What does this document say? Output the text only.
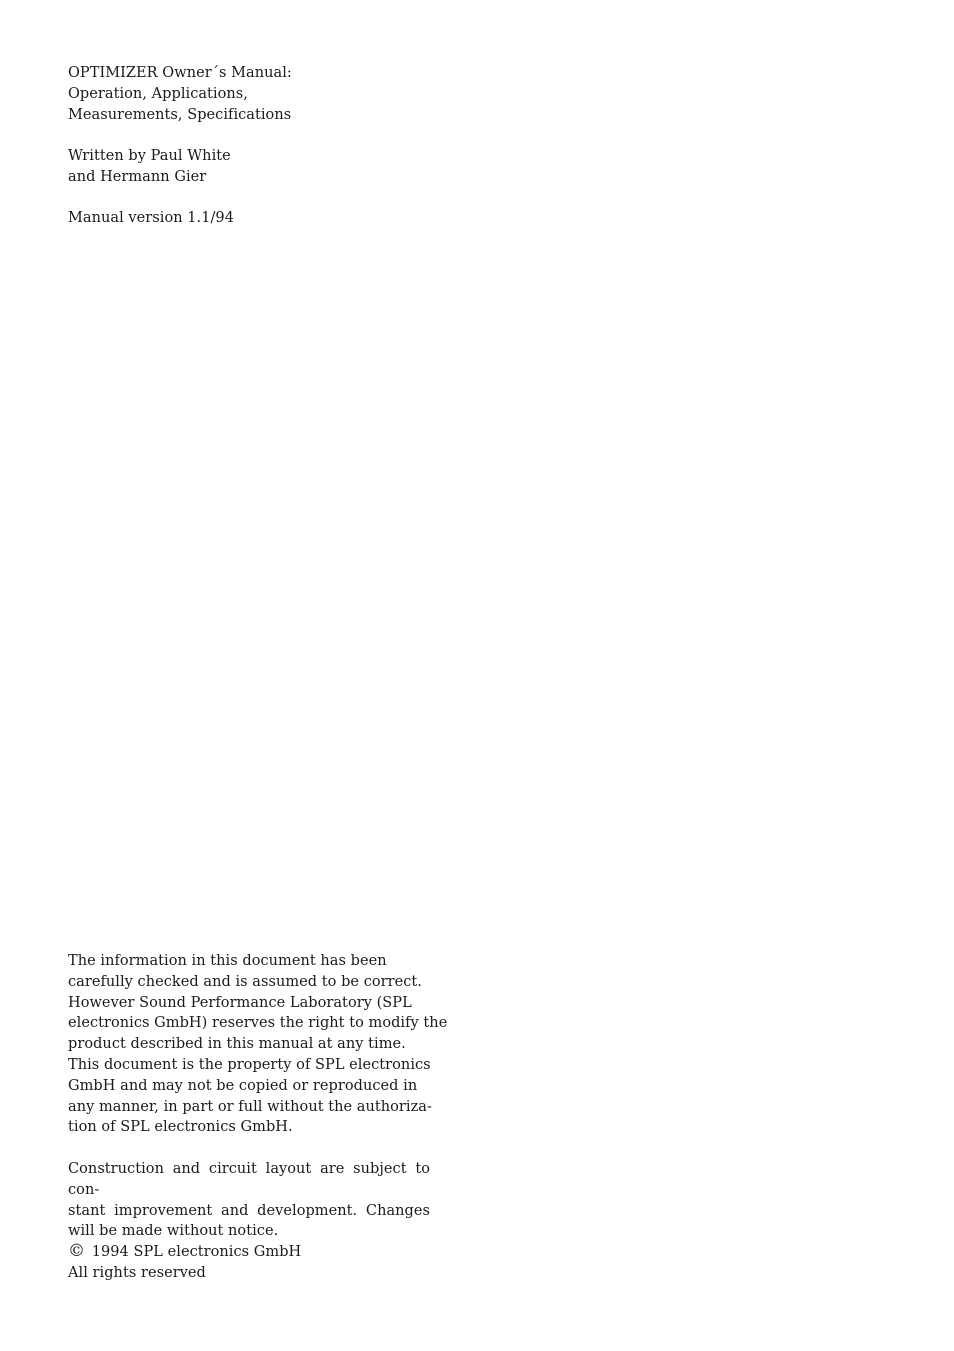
OPTIMIZER Owner´s Manual:
Operation, Applications,
Measurements, Specifications
Written by Paul White
and Hermann Gier
Manual version 1.1/94
The information in this document has been
carefully checked and is assumed to be correct.
However Sound Performance Laboratory (SPL
electronics GmbH) reserves the right to modify the
product described in this manual at any time.
This document is the property of SPL electronics
GmbH and may not be copied or reproduced in
any manner, in part or full without the authoriza-
tion of SPL electronics GmbH.
Construction and circuit layout are subject to con-
stant improvement and development. Changes
will be made without notice.
© 1994 SPL electronics GmbH
All rights reserved
